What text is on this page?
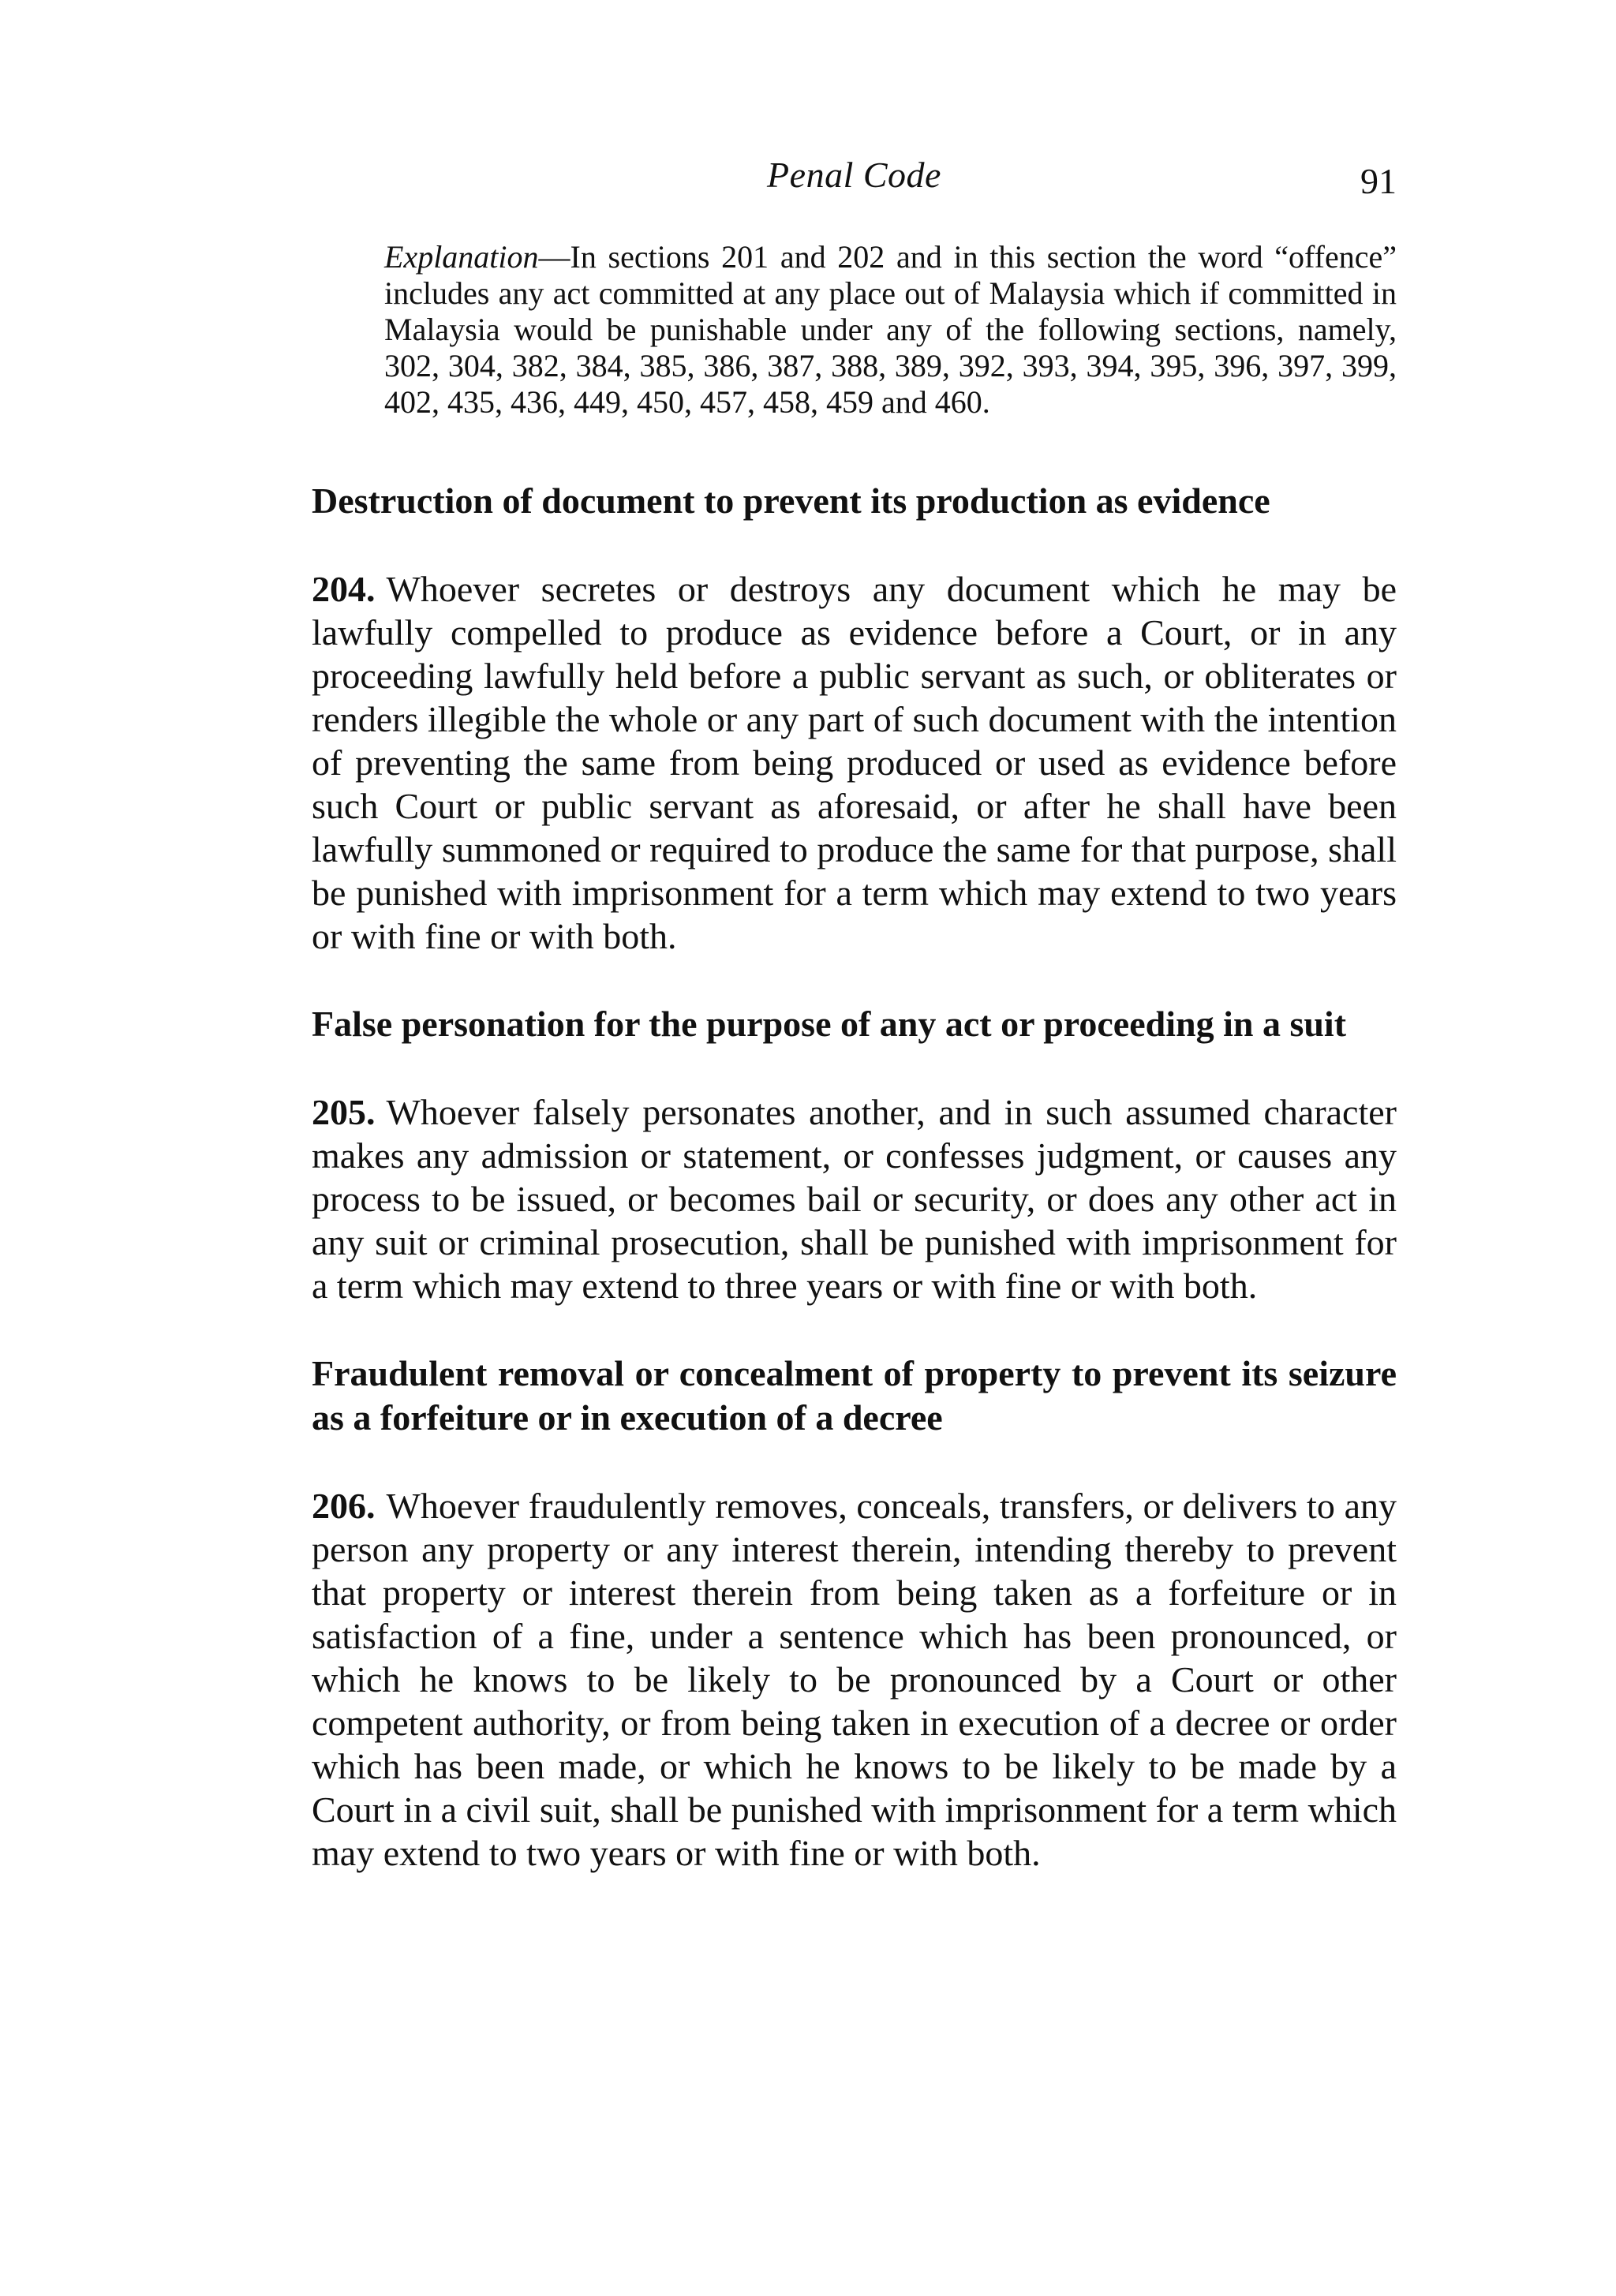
Penal Code	91

Explanation—In sections 201 and 202 and in this section the word “offence” includes any act committed at any place out of Malaysia which if committed in Malaysia would be punishable under any of the following sections, namely, 302, 304, 382, 384, 385, 386, 387, 388, 389, 392, 393, 394, 395, 396, 397, 399, 402, 435, 436, 449, 450, 457, 458, 459 and 460.

Destruction of document to prevent its production as evidence

204. Whoever secretes or destroys any document which he may be lawfully compelled to produce as evidence before a Court, or in any proceeding lawfully held before a public servant as such, or obliterates or renders illegible the whole or any part of such document with the intention of preventing the same from being produced or used as evidence before such Court or public servant as aforesaid, or after he shall have been lawfully summoned or required to produce the same for that purpose, shall be punished with imprisonment for a term which may extend to two years or with fine or with both.

False personation for the purpose of any act or proceeding in a suit

205. Whoever falsely personates another, and in such assumed character makes any admission or statement, or confesses judgment, or causes any process to be issued, or becomes bail or security, or does any other act in any suit or criminal prosecution, shall be punished with imprisonment for a term which may extend to three years or with fine or with both.

Fraudulent removal or concealment of property to prevent its seizure as a forfeiture or in execution of a decree

206. Whoever fraudulently removes, conceals, transfers, or delivers to any person any property or any interest therein, intending thereby to prevent that property or interest therein from being taken as a forfeiture or in satisfaction of a fine, under a sentence which has been pronounced, or which he knows to be likely to be pronounced by a Court or other competent authority, or from being taken in execution of a decree or order which has been made, or which he knows to be likely to be made by a Court in a civil suit, shall be punished with imprisonment for a term which may extend to two years or with fine or with both.
